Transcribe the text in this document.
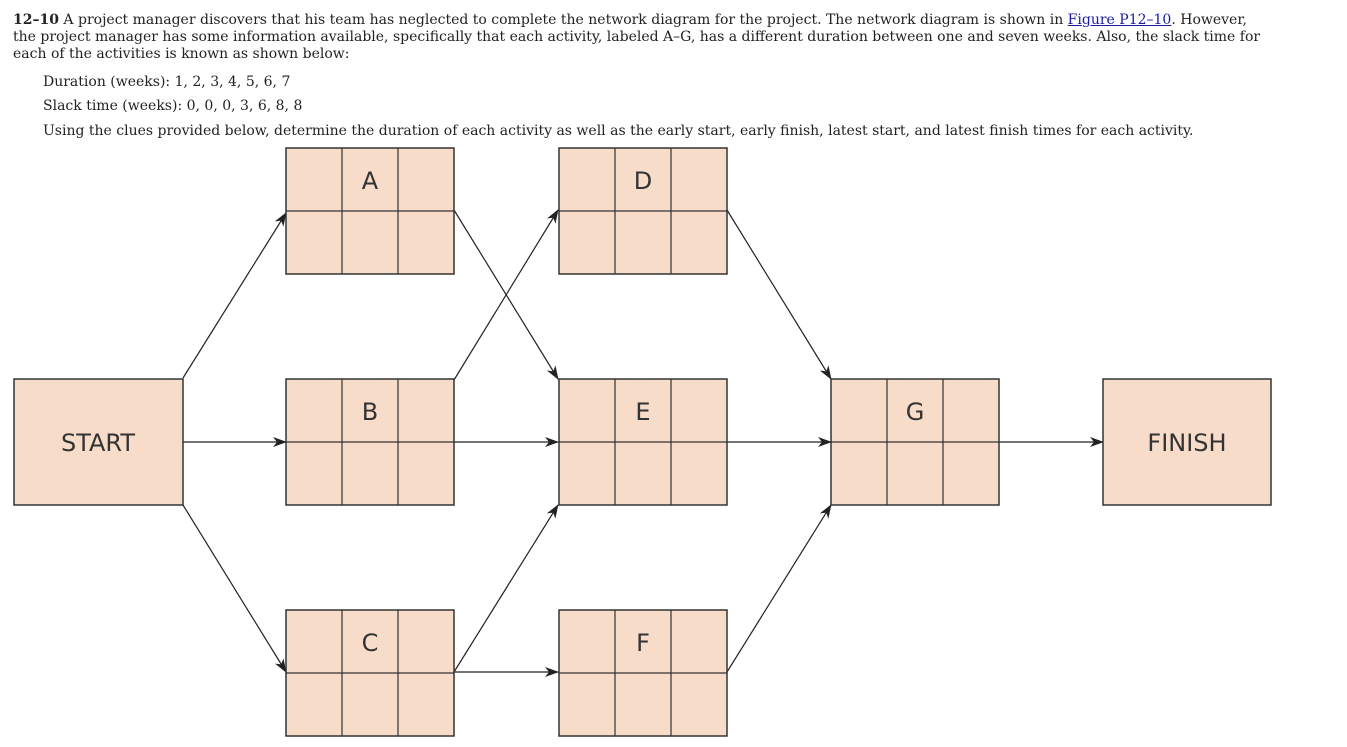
12–10 A project manager discovers that his team has neglected to complete the network diagram for the project. The network diagram is shown in Figure P12–10. However, the project manager has some information available, specifically that each activity, labeled A–G, has a different duration between one and seven weeks. Also, the slack time for each of the activities is known as shown below:
Duration (weeks): 1, 2, 3, 4, 5, 6, 7
Slack time (weeks): 0, 0, 0, 3, 6, 8, 8
Using the clues provided below, determine the duration of each activity as well as the early start, early finish, latest start, and latest finish times for each activity.
START	FINISH
A
B
C
D
E
F
G
